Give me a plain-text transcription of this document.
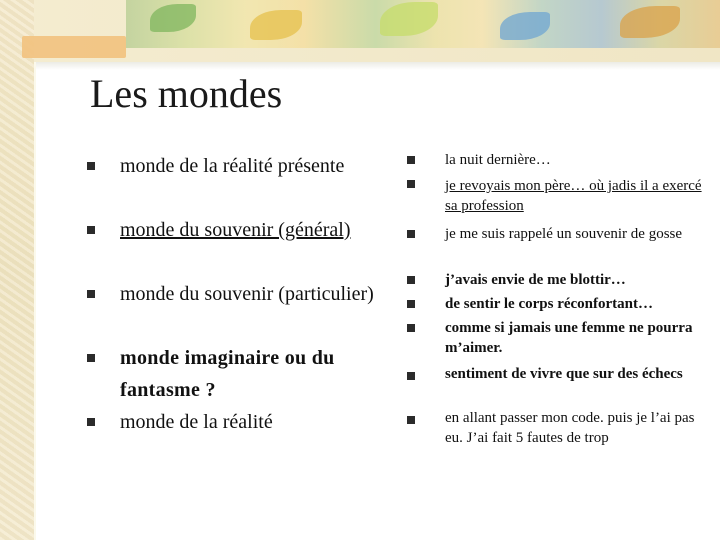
Les mondes
monde de la réalité présente
monde du souvenir (général)
monde du souvenir (particulier)
monde imaginaire ou du fantasme ?
monde de la réalité
la nuit dernière…
je revoyais mon père… où jadis il a exercé sa profession
je me suis rappelé un souvenir de gosse
j’avais envie de me blottir…
de sentir le corps réconfortant…
comme si jamais une femme ne pourra m’aimer.
sentiment de vivre que sur des échecs
en allant passer mon code. puis je l’ai pas eu. J’ai fait 5 fautes de trop
